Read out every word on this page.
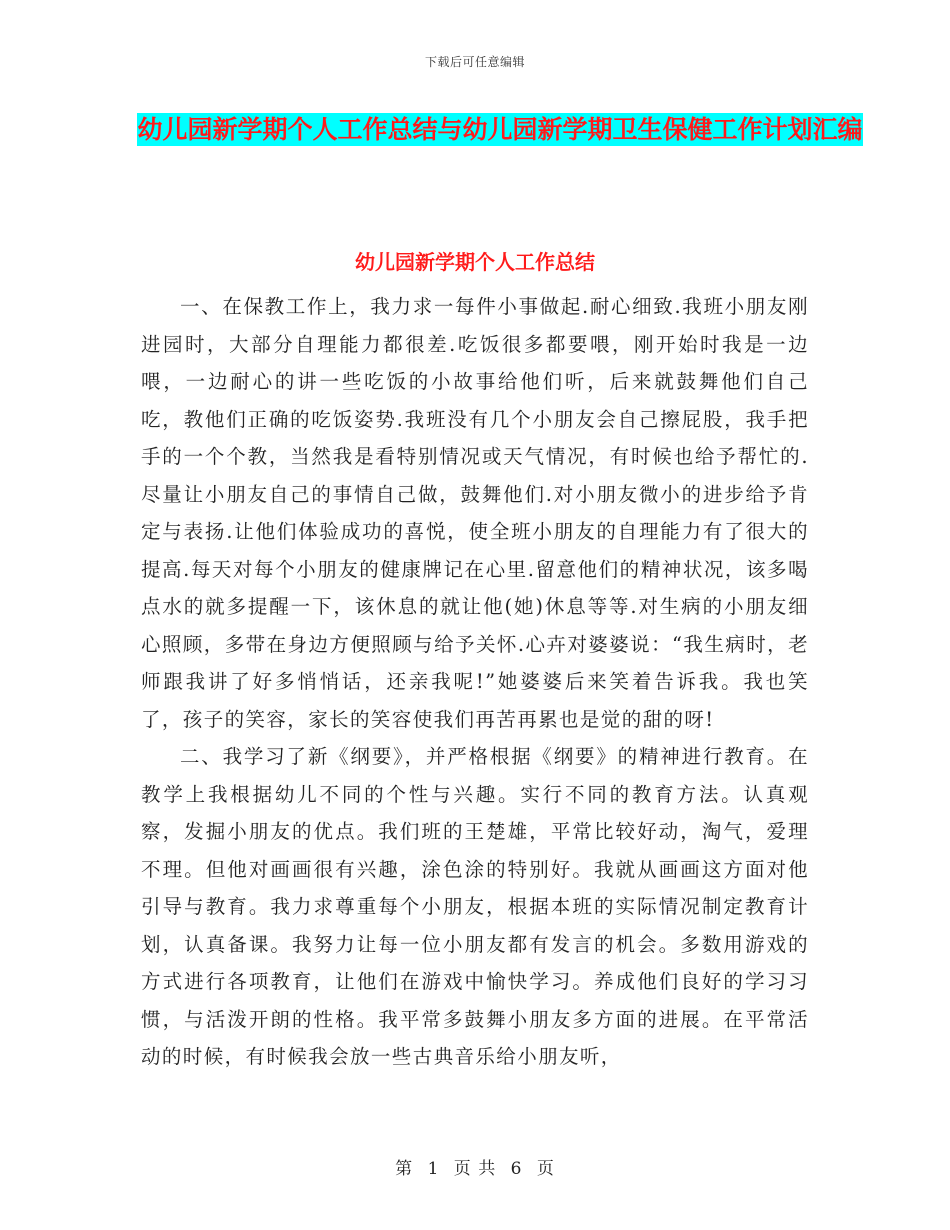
下载后可任意编辑
幼儿园新学期个人工作总结与幼儿园新学期卫生保健工作计划汇编
幼儿园新学期个人工作总结

一、在保教工作上，我力求一每件小事做起.耐心细致.我班小朋友刚进园时，大部分自理能力都很差.吃饭很多都要喂，刚开始时我是一边喂，一边耐心的讲一些吃饭的小故事给他们听，后来就鼓舞他们自己吃，教他们正确的吃饭姿势.我班没有几个小朋友会自己擦屁股，我手把手的一个个教，当然我是看特别情况或天气情况，有时候也给予帮忙的.尽量让小朋友自己的事情自己做，鼓舞他们.对小朋友微小的进步给予肯定与表扬.让他们体验成功的喜悦，使全班小朋友的自理能力有了很大的提高.每天对每个小朋友的健康牌记在心里.留意他们的精神状况，该多喝点水的就多提醒一下，该休息的就让他(她)休息等等.对生病的小朋友细心照顾，多带在身边方便照顾与给予关怀.心卉对婆婆说：“我生病时，老师跟我讲了好多悄悄话，还亲我呢!”她婆婆后来笑着告诉我。我也笑了，孩子的笑容，家长的笑容使我们再苦再累也是觉的甜的呀!

二、我学习了新《纲要》，并严格根据《纲要》的精神进行教育。在教学上我根据幼儿不同的个性与兴趣。实行不同的教育方法。认真观察，发掘小朋友的优点。我们班的王楚雄，平常比较好动，淘气，爱理不理。但他对画画很有兴趣，涂色涂的特别好。我就从画画这方面对他引导与教育。我力求尊重每个小朋友，根据本班的实际情况制定教育计划，认真备课。我努力让每一位小朋友都有发言的机会。多数用游戏的方式进行各项教育，让他们在游戏中愉快学习。养成他们良好的学习习惯，与活泼开朗的性格。我平常多鼓舞小朋友多方面的进展。在平常活动的时候，有时候我会放一些古典音乐给小朋友听，

第 1 页 共 6 页
